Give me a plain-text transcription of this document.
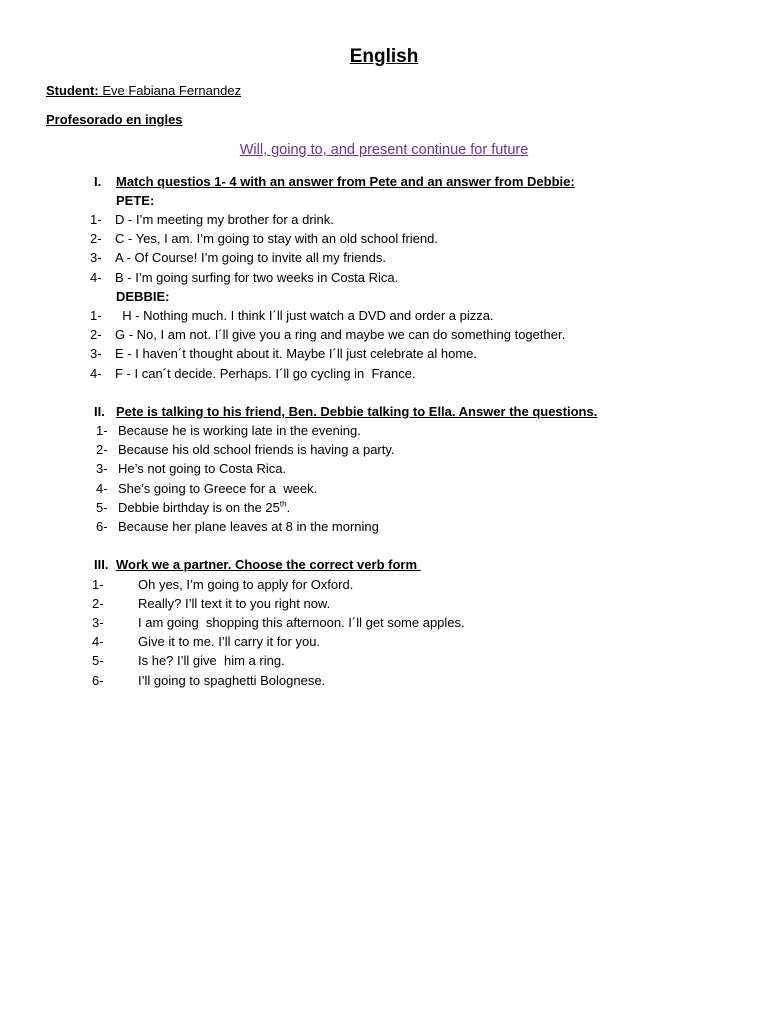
English
Student: Eve Fabiana Fernandez
Profesorado en ingles
Will, going to, and present continue for future
I. Match questios 1- 4 with an answer from Pete and an answer from Debbie:
PETE:
1- D - I’m meeting my brother for a drink.
2- C - Yes, I am. I’m going to stay with an old school friend.
3- A - Of Course! I’m going to invite all my friends.
4- B - I’m going surfing for two weeks in Costa Rica.
DEBBIE:
1- H - Nothing much. I think I´ll just watch a DVD and order a pizza.
2- G - No, I am not. I´ll give you a ring and maybe we can do something together.
3- E - I haven´t thought about it. Maybe I´ll just celebrate al home.
4- F - I can´t decide. Perhaps. I´ll go cycling in  France.
II. Pete is talking to his friend, Ben. Debbie talking to Ella. Answer the questions.
1- Because he is working late in the evening.
2- Because his old school friends is having a party.
3- He’s not going to Costa Rica.
4- She’s going to Greece for a  week.
5- Debbie birthday is on the 25th.
6- Because her plane leaves at 8 in the morning
III. Work we a partner. Choose the correct verb form
1-	Oh yes, I’m going to apply for Oxford.
2-	Really? I’ll text it to you right now.
3-	I am going  shopping this afternoon. I´ll get some apples.
4-	Give it to me. I’ll carry it for you.
5-	Is he? I’ll give  him a ring.
6-	I’ll going to spaghetti Bolognese.
